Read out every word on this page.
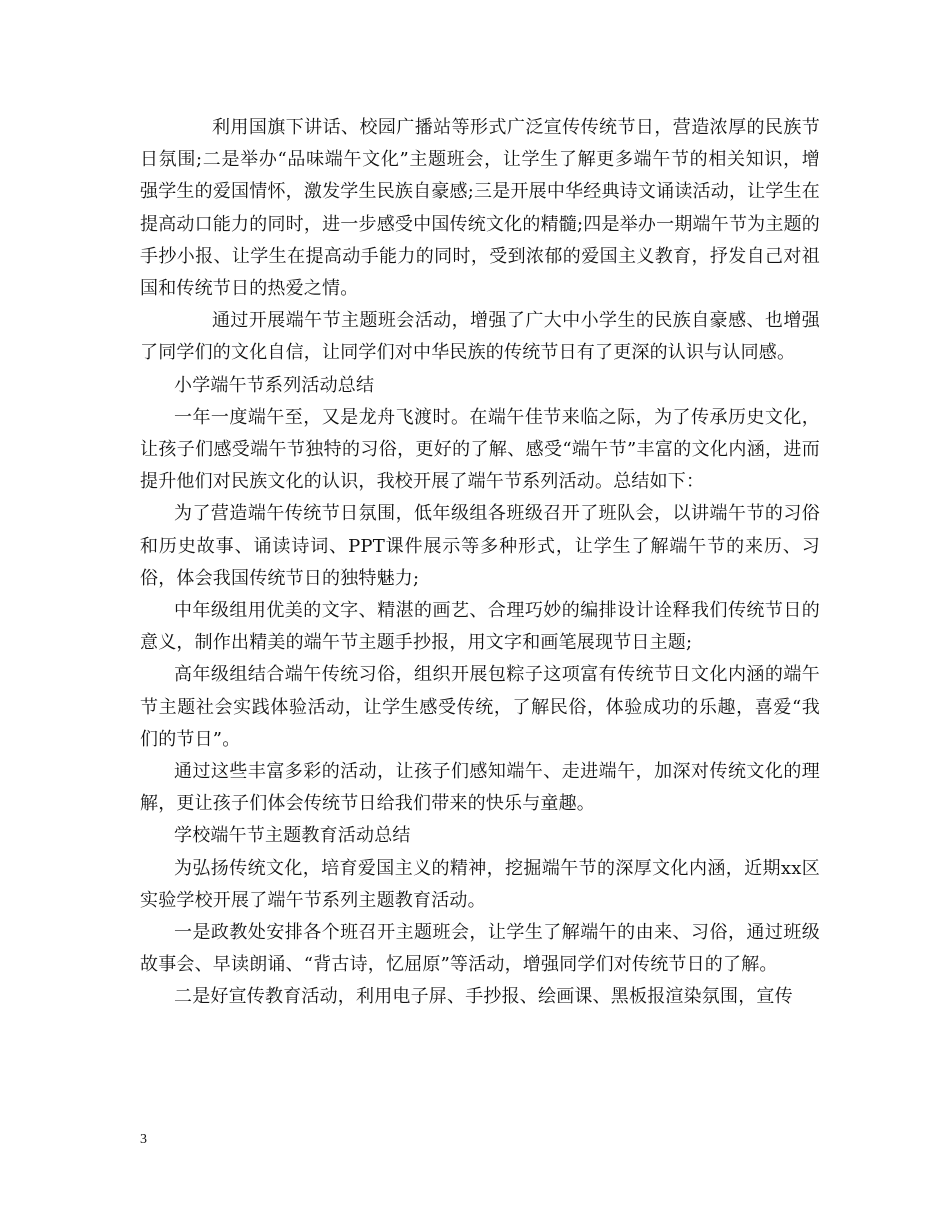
利用国旗下讲话、校园广播站等形式广泛宣传传统节日，营造浓厚的民族节日氛围;二是举办“品味端午文化”主题班会，让学生了解更多端午节的相关知识，增强学生的爱国情怀，激发学生民族自豪感;三是开展中华经典诗文诵读活动，让学生在提高动口能力的同时，进一步感受中国传统文化的精髓;四是举办一期端午节为主题的手抄小报、让学生在提高动手能力的同时，受到浓郁的爱国主义教育，抒发自己对祖国和传统节日的热爱之情。

通过开展端午节主题班会活动，增强了广大中小学生的民族自豪感、也增强了同学们的文化自信，让同学们对中华民族的传统节日有了更深的认识与认同感。

小学端午节系列活动总结

一年一度端午至，又是龙舟飞渡时。在端午佳节来临之际，为了传承历史文化，让孩子们感受端午节独特的习俗，更好的了解、感受“端午节”丰富的文化内涵，进而提升他们对民族文化的认识，我校开展了端午节系列活动。总结如下：

为了营造端午传统节日氛围，低年级组各班级召开了班队会，以讲端午节的习俗和历史故事、诵读诗词、PPT课件展示等多种形式，让学生了解端午节的来历、习俗，体会我国传统节日的独特魅力;

中年级组用优美的文字、精湛的画艺、合理巧妙的编排设计诠释我们传统节日的意义，制作出精美的端午节主题手抄报，用文字和画笔展现节日主题;

高年级组结合端午传统习俗，组织开展包粽子这项富有传统节日文化内涵的端午节主题社会实践体验活动，让学生感受传统，了解民俗，体验成功的乐趣，喜爱“我们的节日”。

通过这些丰富多彩的活动，让孩子们感知端午、走进端午，加深对传统文化的理解，更让孩子们体会传统节日给我们带来的快乐与童趣。

学校端午节主题教育活动总结

为弘扬传统文化，培育爱国主义的精神，挖掘端午节的深厚文化内涵，近期xx区实验学校开展了端午节系列主题教育活动。

一是政教处安排各个班召开主题班会，让学生了解端午的由来、习俗，通过班级故事会、早读朗诵、“背古诗，忆屈原”等活动，增强同学们对传统节日的了解。

二是好宣传教育活动，利用电子屏、手抄报、绘画课、黑板报渲染氛围，宣传

3
